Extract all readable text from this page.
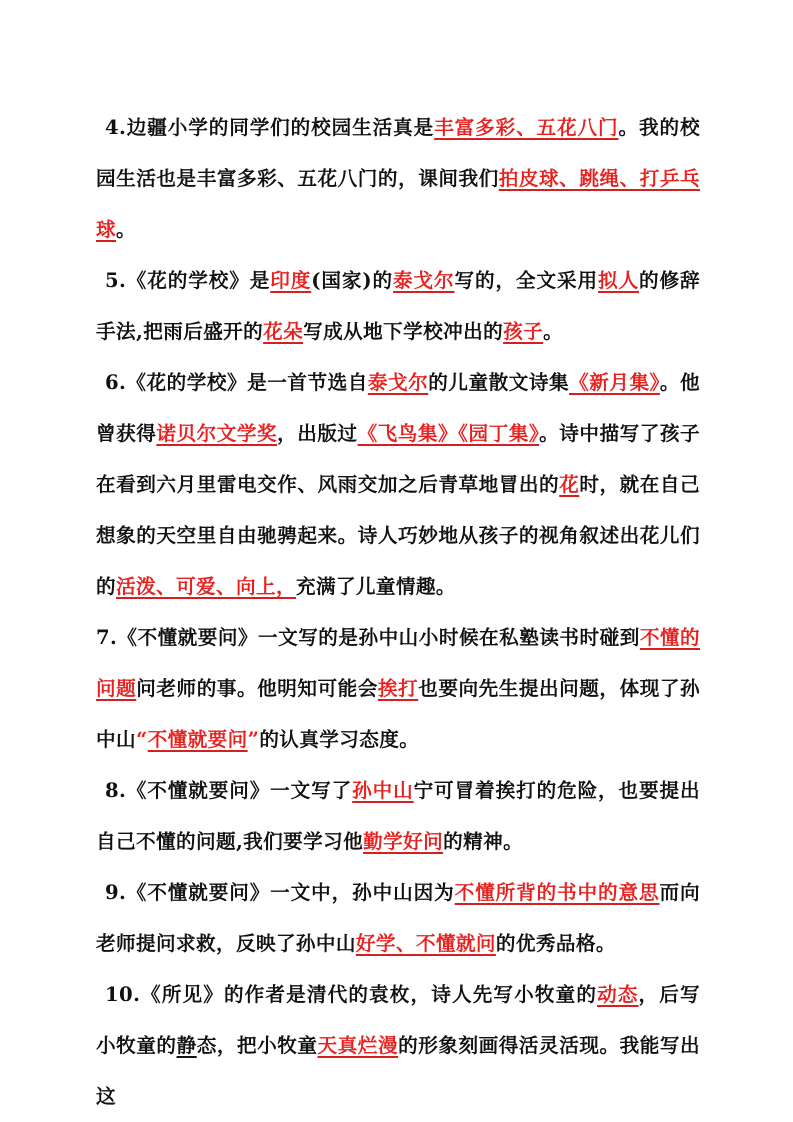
4.边疆小学的同学们的校园生活真是丰富多彩、五花八门。我的校园生活也是丰富多彩、五花八门的，课间我们拍皮球、跳绳、打乒乓球。

5.《花的学校》是印度(国家)的泰戈尔写的，全文采用拟人的修辞手法,把雨后盛开的花朵写成从地下学校冲出的孩子。

6.《花的学校》是一首节选自泰戈尔的儿童散文诗集《新月集》。他曾获得诺贝尔文学奖，出版过《飞鸟集》《园丁集》。诗中描写了孩子在看到六月里雷电交作、风雨交加之后青草地冒出的花时，就在自己想象的天空里自由驰骋起来。诗人巧妙地从孩子的视角叙述出花儿们的活泼、可爱、向上，充满了儿童情趣。

7.《不懂就要问》一文写的是孙中山小时候在私塾读书时碰到不懂的问题问老师的事。他明知可能会挨打也要向先生提出问题，体现了孙中山“不懂就要问”的认真学习态度。

8.《不懂就要问》一文写了孙中山宁可冒着挨打的危险，也要提出自己不懂的问题,我们要学习他勤学好问的精神。

9.《不懂就要问》一文中，孙中山因为不懂所背的书中的意思而向老师提问求救，反映了孙中山好学、不懂就问的优秀品格。

10.《所见》的作者是清代的袁枚，诗人先写小牧童的动态，后写小牧童的静态，把小牧童天真烂漫的形象刻画得活灵活现。我能写出这
